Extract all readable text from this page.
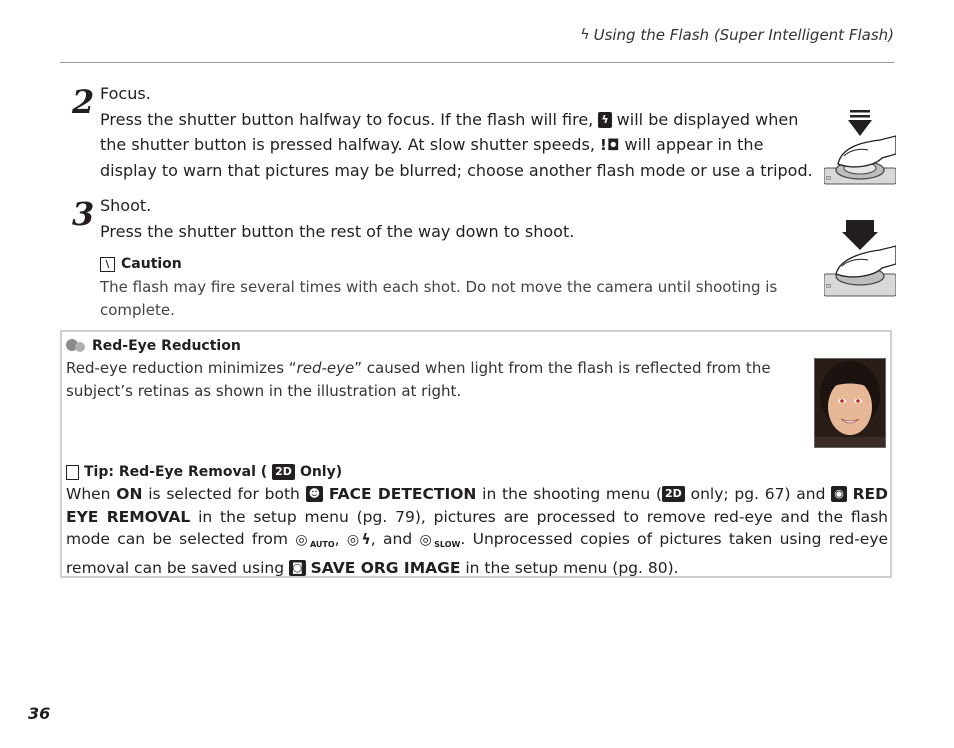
ϟ Using the Flash (Super Intelligent Flash)
2 Focus.
Press the shutter button halfway to focus. If the flash will fire, ϟ will be displayed when the shutter button is pressed halfway. At slow shutter speeds, !◘ will appear in the display to warn that pictures may be blurred; choose another flash mode or use a tripod.	⊡
3 Shoot.
Press the shutter button the rest of the way down to shoot.
⊡
\ Caution
The flash may fire several times with each shot. Do not move the camera until shooting is complete.
Red-Eye Reduction
Red-eye reduction minimizes “red-eye” caused when light from the flash is reflected from the subject’s retinas as shown in the illustration at right.
Tip: Red-Eye Removal ( 2D Only)
When ON is selected for both ☻ FACE DETECTION in the shooting menu ( 2D only; pg. 67) and ◉ RED EYE REMOVAL in the setup menu (pg. 79), pictures are processed to remove red-eye and the flash mode can be selected from $◎_{AUTO}$, ◎ϟ, and $◎_{SLOW}$. Unprocessed copies of pictures taken using red-eye removal can be saved using ◙ SAVE ORG IMAGE in the setup menu (pg. 80).
36
